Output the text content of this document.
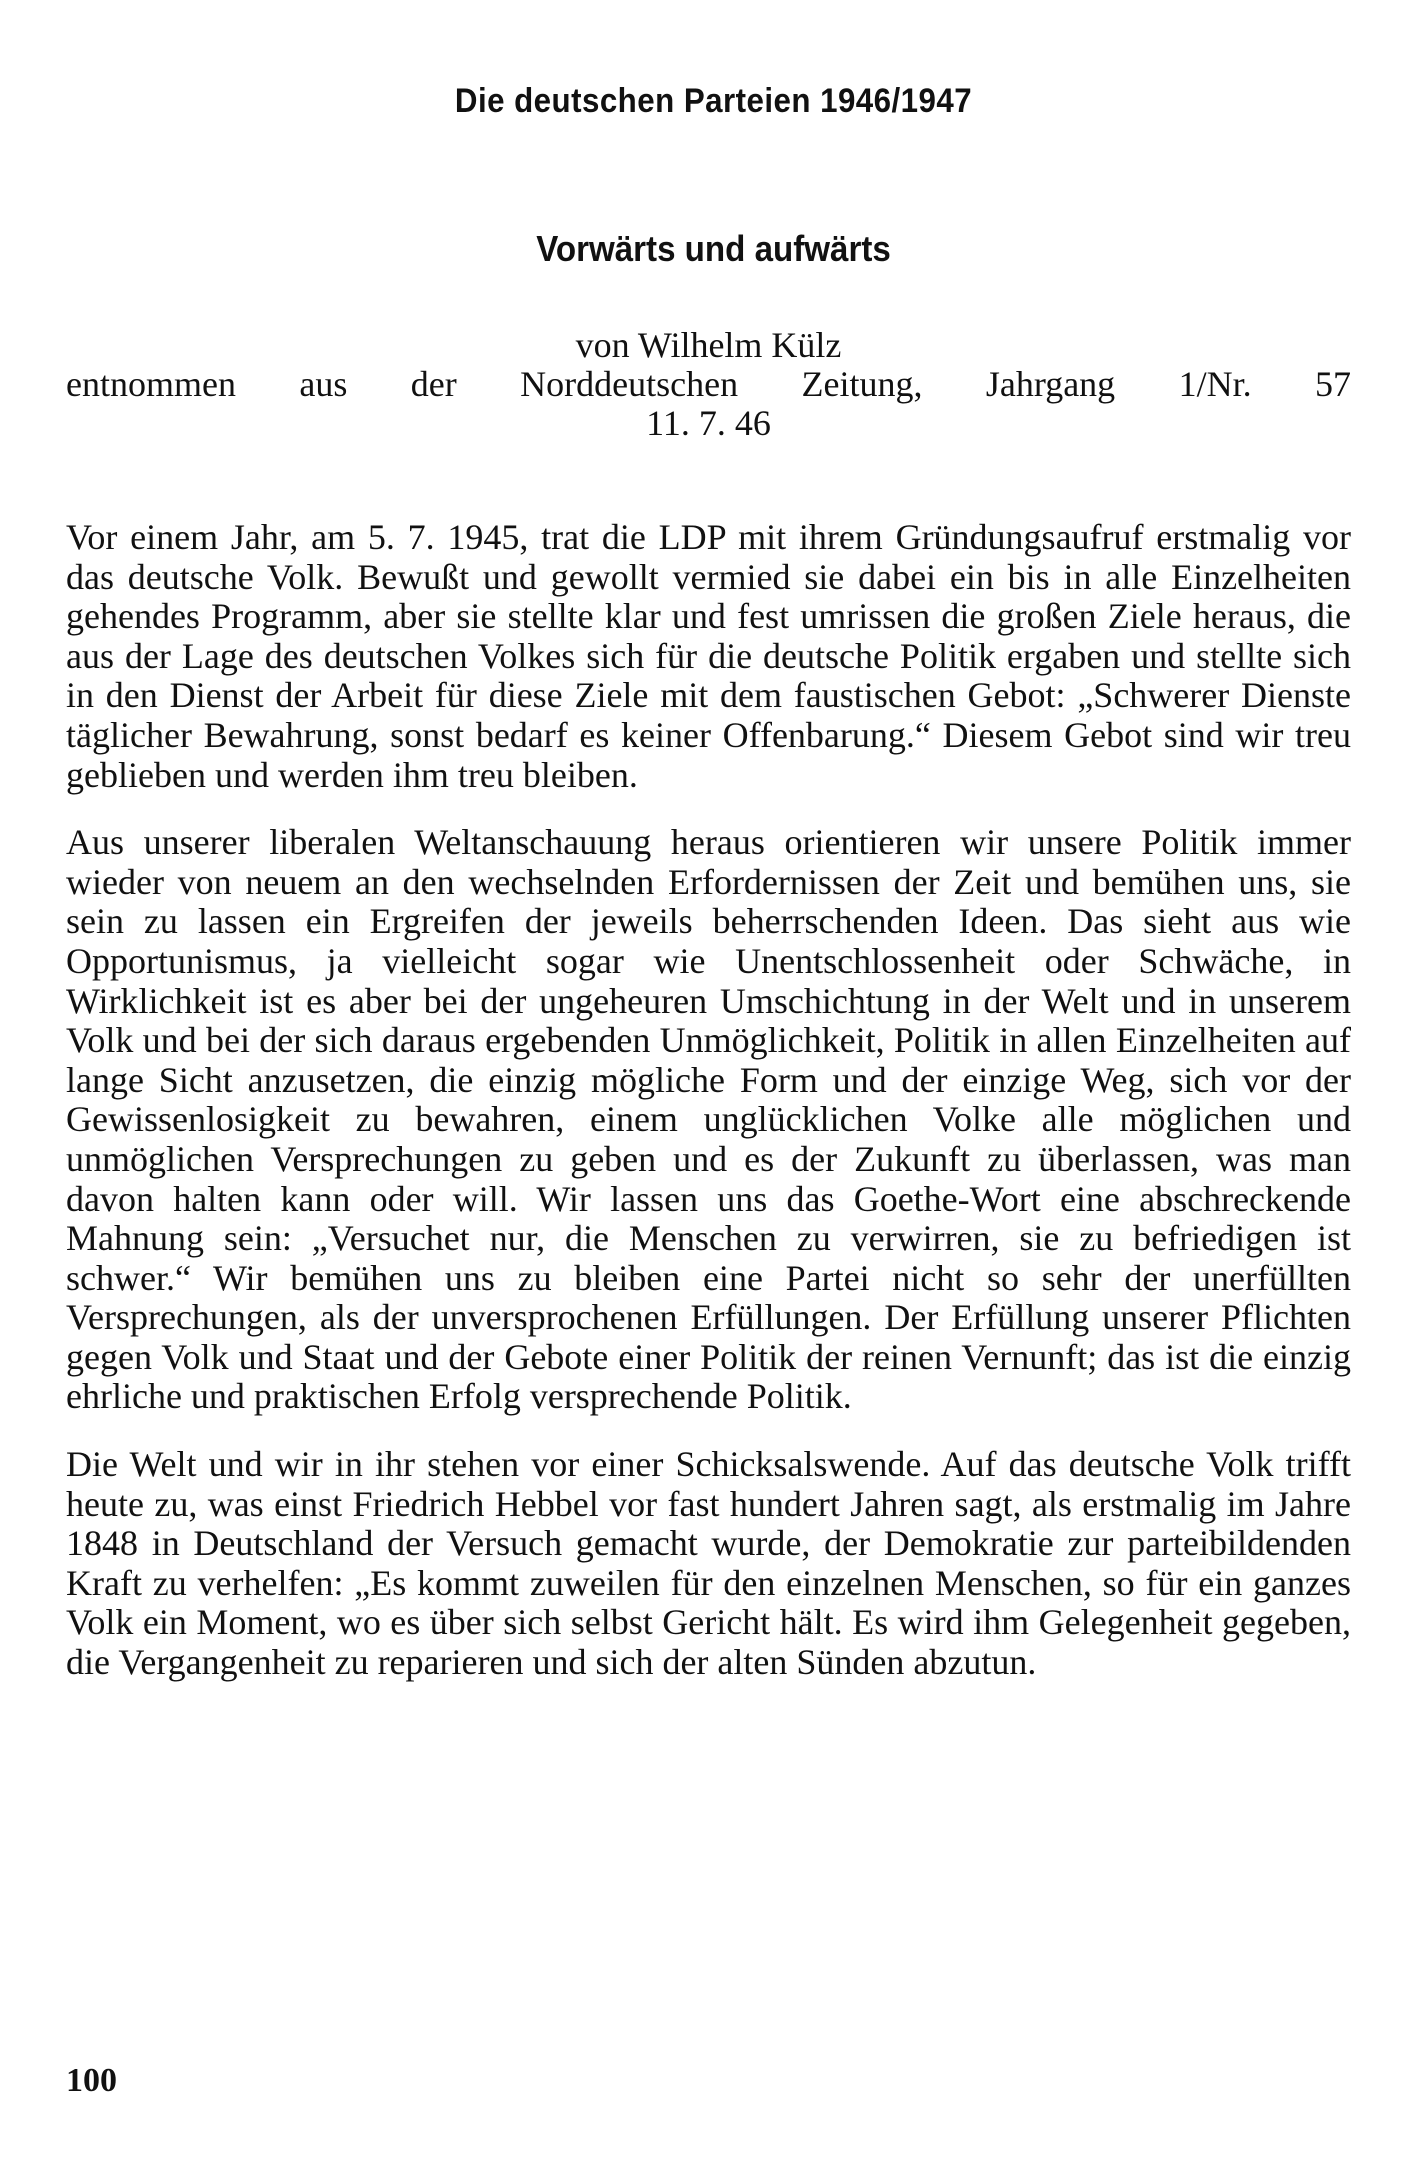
Die deutschen Parteien 1946/1947
Vorwärts und aufwärts
von Wilhelm Külz
entnommen aus der Norddeutschen Zeitung, Jahrgang 1/Nr. 57
11. 7. 46

Vor einem Jahr, am 5. 7. 1945, trat die LDP mit ihrem Gründungsaufruf erstmalig vor das deutsche Volk. Bewußt und gewollt vermied sie dabei ein bis in alle Einzelheiten gehendes Programm, aber sie stellte klar und fest umrissen die großen Ziele heraus, die aus der Lage des deutschen Volkes sich für die deutsche Politik ergaben und stellte sich in den Dienst der Arbeit für diese Ziele mit dem faustischen Gebot: „Schwerer Dienste täglicher Bewahrung, sonst bedarf es keiner Offenbarung.“ Diesem Gebot sind wir treu geblieben und werden ihm treu bleiben.

Aus unserer liberalen Weltanschauung heraus orientieren wir unsere Politik immer wieder von neuem an den wechselnden Erfordernissen der Zeit und bemühen uns, sie sein zu lassen ein Ergreifen der jeweils beherrschenden Ideen. Das sieht aus wie Opportunismus, ja vielleicht sogar wie Unentschlossenheit oder Schwäche, in Wirklichkeit ist es aber bei der ungeheuren Umschichtung in der Welt und in unserem Volk und bei der sich daraus ergebenden Unmöglichkeit, Politik in allen Einzelheiten auf lange Sicht anzusetzen, die einzig mögliche Form und der einzige Weg, sich vor der Gewissenlosigkeit zu bewahren, einem unglücklichen Volke alle möglichen und unmöglichen Versprechungen zu geben und es der Zukunft zu überlassen, was man davon halten kann oder will. Wir lassen uns das Goethe-Wort eine abschreckende Mahnung sein: „Versuchet nur, die Menschen zu verwirren, sie zu befriedigen ist schwer.“ Wir bemühen uns zu bleiben eine Partei nicht so sehr der unerfüllten Versprechungen, als der unversprochenen Erfüllungen. Der Erfüllung unserer Pflichten gegen Volk und Staat und der Gebote einer Politik der reinen Vernunft; das ist die einzig ehrliche und praktischen Erfolg versprechende Politik.

Die Welt und wir in ihr stehen vor einer Schicksalswende. Auf das deutsche Volk trifft heute zu, was einst Friedrich Hebbel vor fast hundert Jahren sagt, als erstmalig im Jahre 1848 in Deutschland der Versuch gemacht wurde, der Demokratie zur parteibildenden Kraft zu verhelfen: „Es kommt zuweilen für den einzelnen Menschen, so für ein ganzes Volk ein Moment, wo es über sich selbst Gericht hält. Es wird ihm Gelegenheit gegeben, die Vergangenheit zu reparieren und sich der alten Sünden abzutun.

100
